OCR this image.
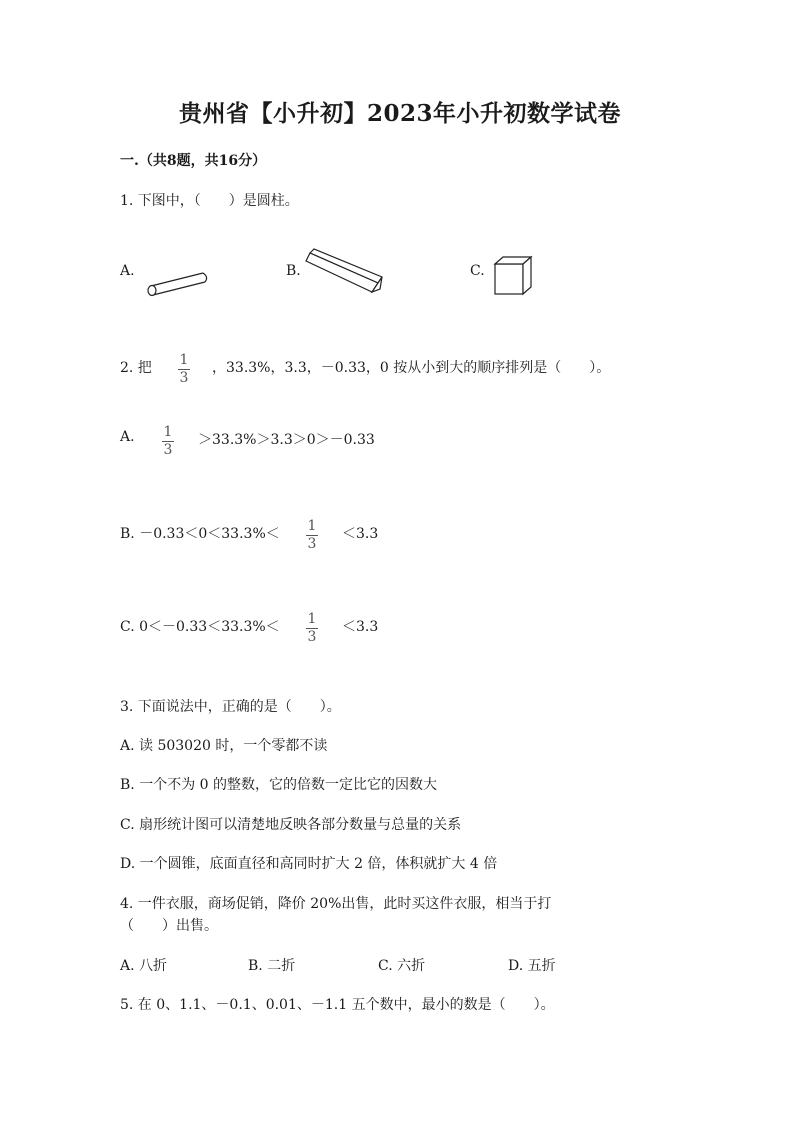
贵州省【小升初】2023年小升初数学试卷
一.（共8题，共16分）
1. 下图中，（　　）是圆柱。
A.	B.	C.
2. 把 $\frac{1}{3}$ ，33.3%，3.3，－0.33，0 按从小到大的顺序排列是（　　）。
A. $\frac{1}{3} >33.3\%>3.3>0>-0.33$
B. $-0.33<0<33.3\%< \frac{1}{3} <3.3$
C. $0<-0.33<33.3\%< \frac{1}{3} <3.3$
3. 下面说法中，正确的是（　　）。
A. 读 503020 时，一个零都不读
B. 一个不为 0 的整数，它的倍数一定比它的因数大
C. 扇形统计图可以清楚地反映各部分数量与总量的关系
D. 一个圆锥，底面直径和高同时扩大 2 倍，体积就扩大 4 倍
4. 一件衣服，商场促销，降价 20%出售，此时买这件衣服，相当于打
（　　）出售。
A. 八折	B. 二折	C. 六折	D. 五折
5. 在 0、1.1、－0.1、0.01、－1.1 五个数中，最小的数是（　　）。
